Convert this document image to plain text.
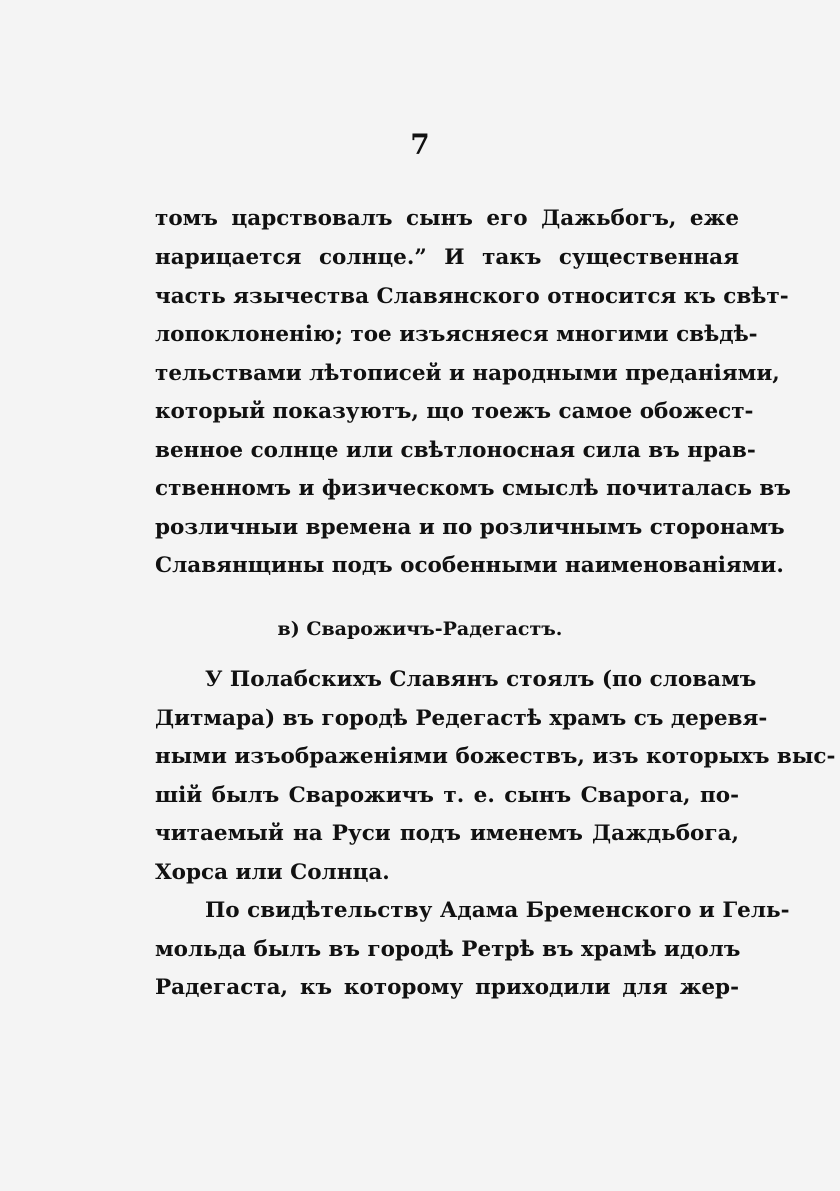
7
томъ царствовалъ сынъ его Дажьбогъ, еже
нарицается солнце.” И такъ существенная
часть язычества Славянского относится къ свѣт-
лопоклоненію; тое изъясняеся многими свѣдѣ-
тельствами лѣтописей и народными преданіями,
который показуютъ, що тоежъ самое обожест-
венное солнце или свѣтлоносная сила въ нрав-
ственномъ и физическомъ смыслѣ почиталась въ
розличныи времена и по розличнымъ сторонамъ
Славянщины подъ особенными наименованіями.
в) Сварожичъ-Радегастъ.
У Полабскихъ Славянъ стоялъ (по словамъ
Дитмара) въ городѣ Редегастѣ храмъ съ деревя-
ными изъображеніями божествъ, изъ которыхъ выс-
шій былъ Сварожичъ т. е. сынъ Сварога, по-
читаемый на Руси подъ именемъ Даждьбога,
Хорса или Солнца.
По свидѣтельству Адама Бременского и Гель-
мольда былъ въ городѣ Ретрѣ въ храмѣ идолъ
Радегаста, къ которому приходили для жер-
